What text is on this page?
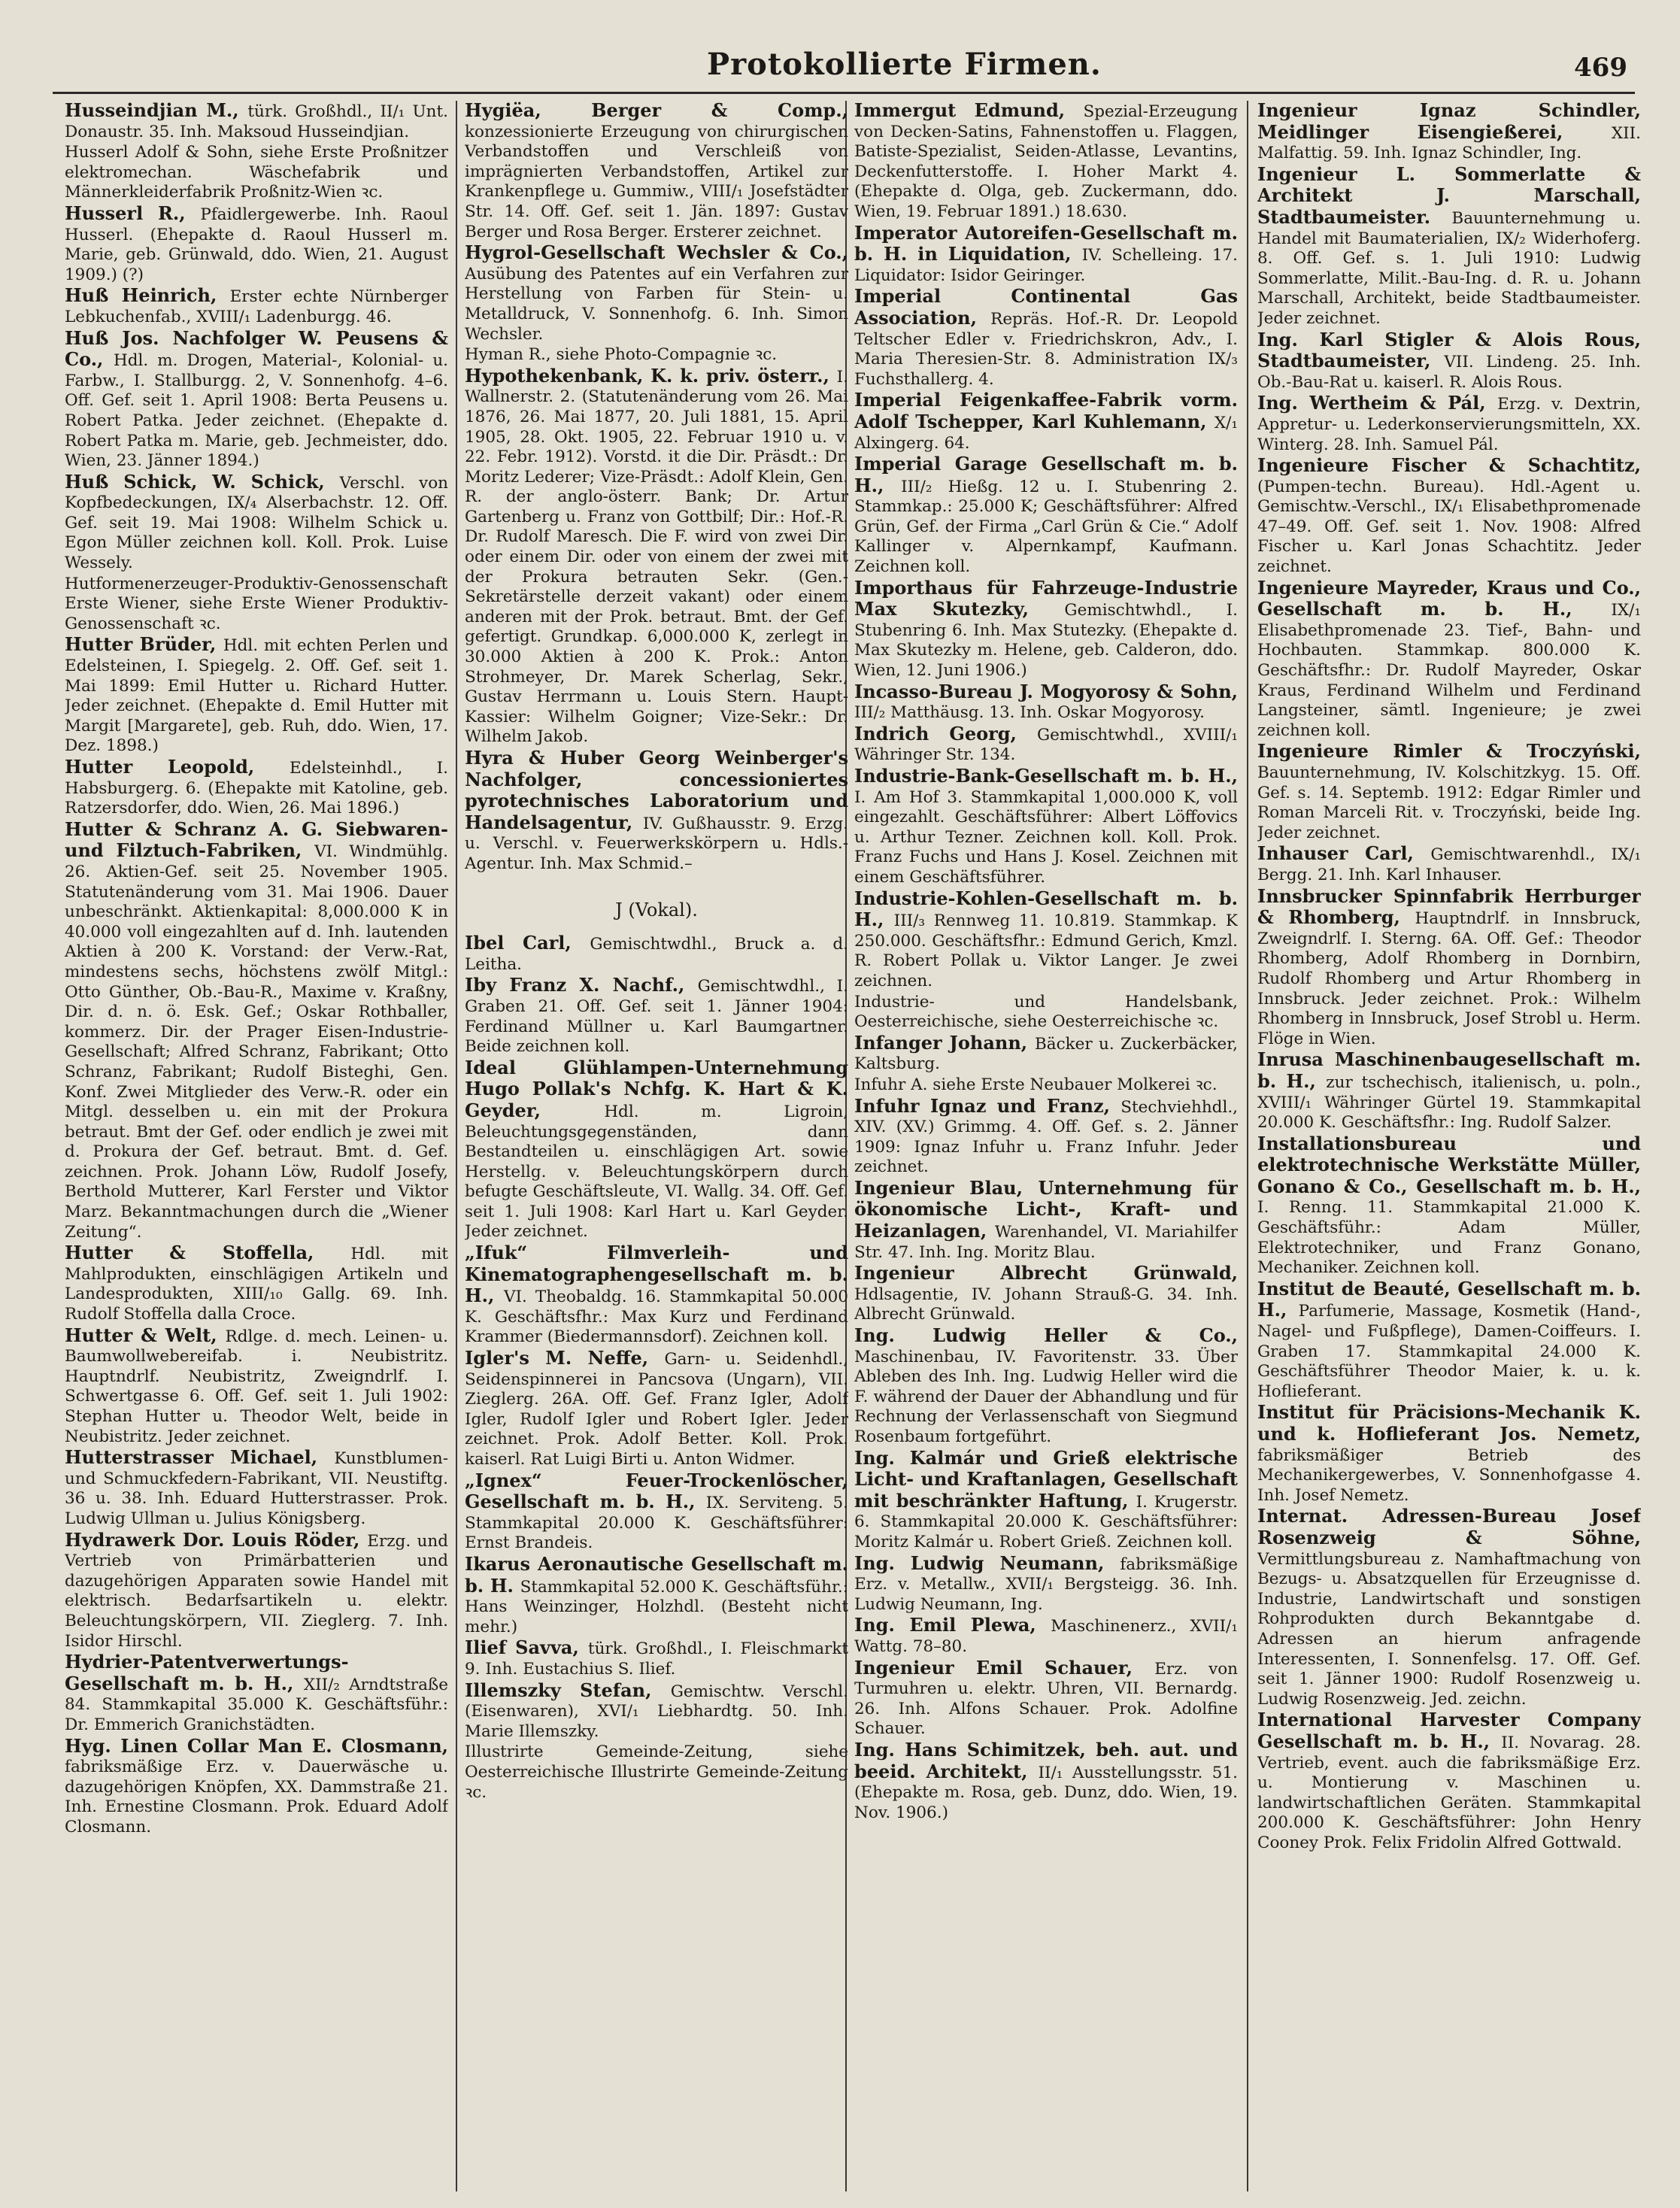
Protokollierte Firmen.	469
Husseindjian M., türk. Großhdl., II/₁ Unt. Donaustr. 35. Inh. Maksoud Husseindjian.
Husserl Adolf & Sohn, siehe Erste Proßnitzer elektromechan. Wäschefabrik und Männerkleiderfabrik Proßnitz-Wien ꝛc.
Husserl R., Pfaidlergewerbe. Inh. Raoul Husserl. (Ehepakte d. Raoul Husserl m. Marie, geb. Grünwald, ddo. Wien, 21. August 1909.) (?)
Huß Heinrich, Erster echte Nürnberger Lebkuchenfab., XVIII/₁ Ladenburgg. 46.
Huß Jos. Nachfolger W. Peusens & Co., Hdl. m. Drogen, Material-, Kolonial- u. Farbw., I. Stallburgg. 2, V. Sonnenhofg. 4–6. Off. Gef. seit 1. April 1908: Berta Peusens u. Robert Patka. Jeder zeichnet. (Ehepakte d. Robert Patka m. Marie, geb. Jechmeister, ddo. Wien, 23. Jänner 1894.)
Huß Schick, W. Schick, Verschl. von Kopfbedeckungen, IX/₄ Alserbachstr. 12. Off. Gef. seit 19. Mai 1908: Wilhelm Schick u. Egon Müller zeichnen koll. Koll. Prok. Luise Wessely.
Hutformenerzeuger-Produktiv-Genossenschaft Erste Wiener, siehe Erste Wiener Produktiv-Genossenschaft ꝛc.
Hutter Brüder, Hdl. mit echten Perlen und Edelsteinen, I. Spiegelg. 2. Off. Gef. seit 1. Mai 1899: Emil Hutter u. Richard Hutter. Jeder zeichnet. (Ehepakte d. Emil Hutter mit Margit [Margarete], geb. Ruh, ddo. Wien, 17. Dez. 1898.)
Hutter Leopold, Edelsteinhdl., I. Habsburgerg. 6. (Ehepakte mit Katoline, geb. Ratzersdorfer, ddo. Wien, 26. Mai 1896.)
Hutter & Schranz A. G. Siebwaren- und Filztuch-Fabriken, VI. Windmühlg. 26. Aktien-Gef. seit 25. November 1905. Statutenänderung vom 31. Mai 1906. Dauer unbeschränkt. Aktienkapital: 8,000.000 K in 40.000 voll eingezahlten auf d. Inh. lautenden Aktien à 200 K. Vorstand: der Verw.-Rat, mindestens sechs, höchstens zwölf Mitgl.: Otto Günther, Ob.-Bau-R., Maxime v. Kraßny, Dir. d. n. ö. Esk. Gef.; Oskar Rothballer, kommerz. Dir. der Prager Eisen-Industrie-Gesellschaft; Alfred Schranz, Fabrikant; Otto Schranz, Fabrikant; Rudolf Bisteghi, Gen. Konf. Zwei Mitglieder des Verw.-R. oder ein Mitgl. desselben u. ein mit der Prokura betraut. Bmt der Gef. oder endlich je zwei mit d. Prokura der Gef. betraut. Bmt. d. Gef. zeichnen. Prok. Johann Löw, Rudolf Josefy, Berthold Mutterer, Karl Ferster und Viktor Marz. Bekanntmachungen durch die „Wiener Zeitung“.
Hutter & Stoffella, Hdl. mit Mahlprodukten, einschlägigen Artikeln und Landesprodukten, XIII/₁₀ Gallg. 69. Inh. Rudolf Stoffella dalla Croce.
Hutter & Welt, Rdlge. d. mech. Leinen- u. Baumwollwebereifab. i. Neubistritz. Hauptndrlf. Neubistritz, Zweigndrlf. I. Schwertgasse 6. Off. Gef. seit 1. Juli 1902: Stephan Hutter u. Theodor Welt, beide in Neubistritz. Jeder zeichnet.
Hutterstrasser Michael, Kunstblumen- und Schmuckfedern-Fabrikant, VII. Neustiftg. 36 u. 38. Inh. Eduard Hutterstrasser. Prok. Ludwig Ullman u. Julius Königsberg.
Hydrawerk Dor. Louis Röder, Erzg. und Vertrieb von Primärbatterien und dazugehörigen Apparaten sowie Handel mit elektrisch. Bedarfsartikeln u. elektr. Beleuchtungskörpern, VII. Zieglerg. 7. Inh. Isidor Hirschl.
Hydrier-Patentverwertungs-Gesellschaft m. b. H., XII/₂ Arndtstraße 84. Stammkapital 35.000 K. Geschäftsführ.: Dr. Emmerich Granichstädten.
Hyg. Linen Collar Man E. Closmann, fabriksmäßige Erz. v. Dauerwäsche u. dazugehörigen Knöpfen, XX. Dammstraße 21. Inh. Ernestine Closmann. Prok. Eduard Adolf Closmann.
Hygiëa, Berger & Comp., konzessionierte Erzeugung von chirurgischen Verbandstoffen und Verschleiß von imprägnierten Verbandstoffen, Artikel zur Krankenpflege u. Gummiw., VIII/₁ Josefstädter Str. 14. Off. Gef. seit 1. Jän. 1897: Gustav Berger und Rosa Berger. Ersterer zeichnet.
Hygrol-Gesellschaft Wechsler & Co., Ausübung des Patentes auf ein Verfahren zur Herstellung von Farben für Stein- u. Metalldruck, V. Sonnenhofg. 6. Inh. Simon Wechsler.
Hyman R., siehe Photo-Compagnie ꝛc.
Hypothekenbank, K. k. priv. österr., I. Wallnerstr. 2. (Statutenänderung vom 26. Mai 1876, 26. Mai 1877, 20. Juli 1881, 15. April 1905, 28. Okt. 1905, 22. Februar 1910 u. v. 22. Febr. 1912). Vorstd. it die Dir. Präsdt.: Dr. Moritz Lederer; Vize-Präsdt.: Adolf Klein, Gen. R. der anglo-österr. Bank; Dr. Artur Gartenberg u. Franz von Gottbilf; Dir.: Hof.-R. Dr. Rudolf Maresch. Die F. wird von zwei Dir. oder einem Dir. oder von einem der zwei mit der Prokura betrauten Sekr. (Gen.-Sekretärstelle derzeit vakant) oder einem anderen mit der Prok. betraut. Bmt. der Gef. gefertigt. Grundkap. 6,000.000 K, zerlegt in 30.000 Aktien à 200 K. Prok.: Anton Strohmeyer, Dr. Marek Scherlag, Sekr., Gustav Herrmann u. Louis Stern. Haupt-Kassier: Wilhelm Goigner; Vize-Sekr.: Dr. Wilhelm Jakob.
Hyra & Huber Georg Weinberger's Nachfolger, concessioniertes pyrotechnisches Laboratorium und Handelsagentur, IV. Gußhausstr. 9. Erzg. u. Verschl. v. Feuerwerkskörpern u. Hdls.-Agentur. Inh. Max Schmid.–
J (Vokal).
Ibel Carl, Gemischtwdhl., Bruck a. d. Leitha.
Iby Franz X. Nachf., Gemischtwdhl., I. Graben 21. Off. Gef. seit 1. Jänner 1904: Ferdinand Müllner u. Karl Baumgartner. Beide zeichnen koll.
Ideal Glühlampen-Unternehmung Hugo Pollak's Nchfg. K. Hart & K. Geyder, Hdl. m. Ligroin, Beleuchtungsgegenständen, dann Bestandteilen u. einschlägigen Art. sowie Herstellg. v. Beleuchtungskörpern durch befugte Geschäftsleute, VI. Wallg. 34. Off. Gef. seit 1. Juli 1908: Karl Hart u. Karl Geyder. Jeder zeichnet.
„Ifuk“ Filmverleih- und Kinematographengesellschaft m. b. H., VI. Theobaldg. 16. Stammkapital 50.000 K. Geschäftsfhr.: Max Kurz und Ferdinand Krammer (Biedermannsdorf). Zeichnen koll.
Igler's M. Neffe, Garn- u. Seidenhdl., Seidenspinnerei in Pancsova (Ungarn), VII. Zieglerg. 26A. Off. Gef. Franz Igler, Adolf Igler, Rudolf Igler und Robert Igler. Jeder zeichnet. Prok. Adolf Better. Koll. Prok. kaiserl. Rat Luigi Birti u. Anton Widmer.
„Ignex“ Feuer-Trockenlöscher, Gesellschaft m. b. H., IX. Serviteng. 5. Stammkapital 20.000 K. Geschäftsführer: Ernst Brandeis.
Ikarus Aeronautische Gesellschaft m. b. H. Stammkapital 52.000 K. Geschäftsführ.: Hans Weinzinger, Holzhdl. (Besteht nicht mehr.)
Ilief Savva, türk. Großhdl., I. Fleischmarkt 9. Inh. Eustachius S. Ilief.
Illemszky Stefan, Gemischtw. Verschl. (Eisenwaren), XVI/₁ Liebhardtg. 50. Inh. Marie Illemszky.
Illustrirte Gemeinde-Zeitung, siehe Oesterreichische Illustrirte Gemeinde-Zeitung ꝛc.
Immergut Edmund, Spezial-Erzeugung von Decken-Satins, Fahnenstoffen u. Flaggen, Batiste-Spezialist, Seiden-Atlasse, Levantins, Deckenfutterstoffe. I. Hoher Markt 4. (Ehepakte d. Olga, geb. Zuckermann, ddo. Wien, 19. Februar 1891.) 18.630.
Imperator Autoreifen-Gesellschaft m. b. H. in Liquidation, IV. Schelleing. 17. Liquidator: Isidor Geiringer.
Imperial Continental Gas Association, Repräs. Hof.-R. Dr. Leopold Teltscher Edler v. Friedrichskron, Adv., I. Maria Theresien-Str. 8. Administration IX/₃ Fuchsthallerg. 4.
Imperial Feigenkaffee-Fabrik vorm. Adolf Tschepper, Karl Kuhlemann, X/₁ Alxingerg. 64.
Imperial Garage Gesellschaft m. b. H., III/₂ Hießg. 12 u. I. Stubenring 2. Stammkap.: 25.000 K; Geschäftsführer: Alfred Grün, Gef. der Firma „Carl Grün & Cie.“ Adolf Kallinger v. Alpernkampf, Kaufmann. Zeichnen koll.
Importhaus für Fahrzeuge-Industrie Max Skutezky, Gemischtwhdl., I. Stubenring 6. Inh. Max Stutezky. (Ehepakte d. Max Skutezky m. Helene, geb. Calderon, ddo. Wien, 12. Juni 1906.)
Incasso-Bureau J. Mogyorosy & Sohn, III/₂ Matthäusg. 13. Inh. Oskar Mogyorosy.
Indrich Georg, Gemischtwhdl., XVIII/₁ Währinger Str. 134.
Industrie-Bank-Gesellschaft m. b. H., I. Am Hof 3. Stammkapital 1,000.000 K, voll eingezahlt. Geschäftsführer: Albert Löffovics u. Arthur Tezner. Zeichnen koll. Koll. Prok. Franz Fuchs und Hans J. Kosel. Zeichnen mit einem Geschäftsführer.
Industrie-Kohlen-Gesellschaft m. b. H., III/₃ Rennweg 11. 10.819. Stammkap. K 250.000. Geschäftsfhr.: Edmund Gerich, Kmzl. R. Robert Pollak u. Viktor Langer. Je zwei zeichnen.
Industrie- und Handelsbank, Oesterreichische, siehe Oesterreichische ꝛc.
Infanger Johann, Bäcker u. Zuckerbäcker, Kaltsburg.
Infuhr A. siehe Erste Neubauer Molkerei ꝛc.
Infuhr Ignaz und Franz, Stechviehhdl., XIV. (XV.) Grimmg. 4. Off. Gef. s. 2. Jänner 1909: Ignaz Infuhr u. Franz Infuhr. Jeder zeichnet.
Ingenieur Blau, Unternehmung für ökonomische Licht-, Kraft- und Heizanlagen, Warenhandel, VI. Mariahilfer Str. 47. Inh. Ing. Moritz Blau.
Ingenieur Albrecht Grünwald, Hdlsagentie, IV. Johann Strauß-G. 34. Inh. Albrecht Grünwald.
Ing. Ludwig Heller & Co., Maschinenbau, IV. Favoritenstr. 33. Über Ableben des Inh. Ing. Ludwig Heller wird die F. während der Dauer der Abhandlung und für Rechnung der Verlassenschaft von Siegmund Rosenbaum fortgeführt.
Ing. Kalmár und Grieß elektrische Licht- und Kraftanlagen, Gesellschaft mit beschränkter Haftung, I. Krugerstr. 6. Stammkapital 20.000 K. Geschäftsführer: Moritz Kalmár u. Robert Grieß. Zeichnen koll.
Ing. Ludwig Neumann, fabriksmäßige Erz. v. Metallw., XVII/₁ Bergsteigg. 36. Inh. Ludwig Neumann, Ing.
Ing. Emil Plewa, Maschinenerz., XVII/₁ Wattg. 78–80.
Ingenieur Emil Schauer, Erz. von Turmuhren u. elektr. Uhren, VII. Bernardg. 26. Inh. Alfons Schauer. Prok. Adolfine Schauer.
Ing. Hans Schimitzek, beh. aut. und beeid. Architekt, II/₁ Ausstellungsstr. 51. (Ehepakte m. Rosa, geb. Dunz, ddo. Wien, 19. Nov. 1906.)
Ingenieur Ignaz Schindler, Meidlinger Eisengießerei, XII. Malfattig. 59. Inh. Ignaz Schindler, Ing.
Ingenieur L. Sommerlatte & Architekt J. Marschall, Stadtbaumeister. Bauunternehmung u. Handel mit Baumaterialien, IX/₂ Widerhoferg. 8. Off. Gef. s. 1. Juli 1910: Ludwig Sommerlatte, Milit.-Bau-Ing. d. R. u. Johann Marschall, Architekt, beide Stadtbaumeister. Jeder zeichnet.
Ing. Karl Stigler & Alois Rous, Stadtbaumeister, VII. Lindeng. 25. Inh. Ob.-Bau-Rat u. kaiserl. R. Alois Rous.
Ing. Wertheim & Pál, Erzg. v. Dextrin, Appretur- u. Lederkonservierungsmitteln, XX. Winterg. 28. Inh. Samuel Pál.
Ingenieure Fischer & Schachtitz, (Pumpen-techn. Bureau). Hdl.-Agent u. Gemischtw.-Verschl., IX/₁ Elisabethpromenade 47–49. Off. Gef. seit 1. Nov. 1908: Alfred Fischer u. Karl Jonas Schachtitz. Jeder zeichnet.
Ingenieure Mayreder, Kraus und Co., Gesellschaft m. b. H., IX/₁ Elisabethpromenade 23. Tief-, Bahn- und Hochbauten. Stammkap. 800.000 K. Geschäftsfhr.: Dr. Rudolf Mayreder, Oskar Kraus, Ferdinand Wilhelm und Ferdinand Langsteiner, sämtl. Ingenieure; je zwei zeichnen koll.
Ingenieure Rimler & Troczyński, Bauunternehmung, IV. Kolschitzkyg. 15. Off. Gef. s. 14. Septemb. 1912: Edgar Rimler und Roman Marceli Rit. v. Troczyński, beide Ing. Jeder zeichnet.
Inhauser Carl, Gemischtwarenhdl., IX/₁ Bergg. 21. Inh. Karl Inhauser.
Innsbrucker Spinnfabrik Herrburger & Rhomberg, Hauptndrlf. in Innsbruck, Zweigndrlf. I. Sterng. 6A. Off. Gef.: Theodor Rhomberg, Adolf Rhomberg in Dornbirn, Rudolf Rhomberg und Artur Rhomberg in Innsbruck. Jeder zeichnet. Prok.: Wilhelm Rhomberg in Innsbruck, Josef Strobl u. Herm. Flöge in Wien.
Inrusa Maschinenbaugesellschaft m. b. H., zur tschechisch, italienisch, u. poln., XVIII/₁ Währinger Gürtel 19. Stammkapital 20.000 K. Geschäftsfhr.: Ing. Rudolf Salzer.
Installationsbureau und elektrotechnische Werkstätte Müller, Gonano & Co., Gesellschaft m. b. H., I. Renng. 11. Stammkapital 21.000 K. Geschäftsführ.: Adam Müller, Elektrotechniker, und Franz Gonano, Mechaniker. Zeichnen koll.
Institut de Beauté, Gesellschaft m. b. H., Parfumerie, Massage, Kosmetik (Hand-, Nagel- und Fußpflege), Damen-Coiffeurs. I. Graben 17. Stammkapital 24.000 K. Geschäftsführer Theodor Maier, k. u. k. Hoflieferant.
Institut für Präcisions-Mechanik K. und k. Hoflieferant Jos. Nemetz, fabriksmäßiger Betrieb des Mechanikergewerbes, V. Sonnenhofgasse 4. Inh. Josef Nemetz.
Internat. Adressen-Bureau Josef Rosenzweig & Söhne, Vermittlungsbureau z. Namhaftmachung von Bezugs- u. Absatzquellen für Erzeugnisse d. Industrie, Landwirtschaft und sonstigen Rohprodukten durch Bekanntgabe d. Adressen an hierum anfragende Interessenten, I. Sonnenfelsg. 17. Off. Gef. seit 1. Jänner 1900: Rudolf Rosenzweig u. Ludwig Rosenzweig. Jed. zeichn.
International Harvester Company Gesellschaft m. b. H., II. Novarag. 28. Vertrieb, event. auch die fabriksmäßige Erz. u. Montierung v. Maschinen u. landwirtschaftlichen Geräten. Stammkapital 200.000 K. Geschäftsführer: John Henry Cooney Prok. Felix Fridolin Alfred Gottwald.
